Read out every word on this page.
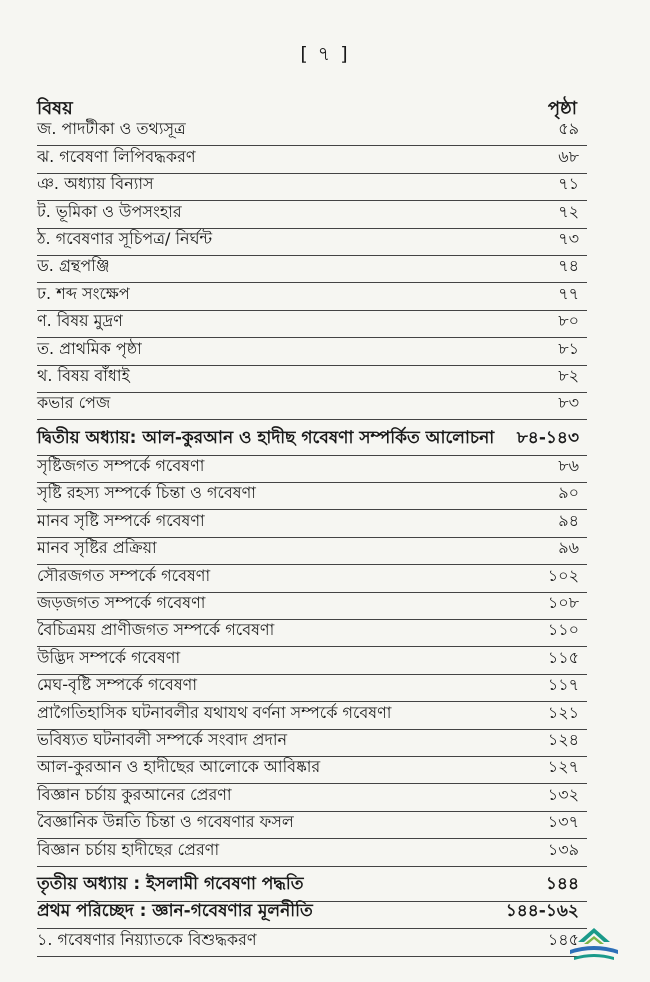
[ ৭ ]
বিষয়	পৃষ্ঠা
জ. পাদটীকা ও তথ্যসূত্র	৫৯
ঝ. গবেষণা লিপিবদ্ধকরণ	৬৮
ঞ. অধ্যায় বিন্যাস	৭১
ট. ভূমিকা ও উপসংহার	৭২
ঠ. গবেষণার সূচিপত্র/ নির্ঘন্ট	৭৩
ড. গ্রন্থপঞ্জি	৭৪
ঢ. শব্দ সংক্ষেপ	৭৭
ণ. বিষয় মুদ্রণ	৮০
ত. প্রাথমিক পৃষ্ঠা	৮১
থ. বিষয় বাঁধাই	৮২
কভার পেজ	৮৩
দ্বিতীয় অধ্যায়: আল-কুরআন ও হাদীছ গবেষণা সম্পর্কিত আলোচনা ৮৪-১৪৩
সৃষ্টিজগত সম্পর্কে গবেষণা	৮৬
সৃষ্টি রহস্য সম্পর্কে চিন্তা ও গবেষণা	৯০
মানব সৃষ্টি সম্পর্কে গবেষণা	৯৪
মানব সৃষ্টির প্রক্রিয়া	৯৬
সৌরজগত সম্পর্কে গবেষণা	১০২
জড়জগত সম্পর্কে গবেষণা	১০৮
বৈচিত্রময় প্রাণীজগত সম্পর্কে গবেষণা	১১০
উদ্ভিদ সম্পর্কে গবেষণা	১১৫
মেঘ-বৃষ্টি সম্পর্কে গবেষণা	১১৭
প্রাগৈতিহাসিক ঘটনাবলীর যথাযথ বর্ণনা সম্পর্কে গবেষণা	১২১
ভবিষ্যত ঘটনাবলী সম্পর্কে সংবাদ প্রদান	১২৪
আল-কুরআন ও হাদীছের আলোকে আবিষ্কার	১২৭
বিজ্ঞান চর্চায় কুরআনের প্রেরণা	১৩২
বৈজ্ঞানিক উন্নতি চিন্তা ও গবেষণার ফসল	১৩৭
বিজ্ঞান চর্চায় হাদীছের প্রেরণা	১৩৯
তৃতীয় অধ্যায় : ইসলামী গবেষণা পদ্ধতি	১৪৪
প্রথম পরিচ্ছেদ : জ্ঞান-গবেষণার মূলনীতি	১৪৪-১৬২
১. গবেষণার নিয়্যাতকে বিশুদ্ধকরণ	১৪৫
